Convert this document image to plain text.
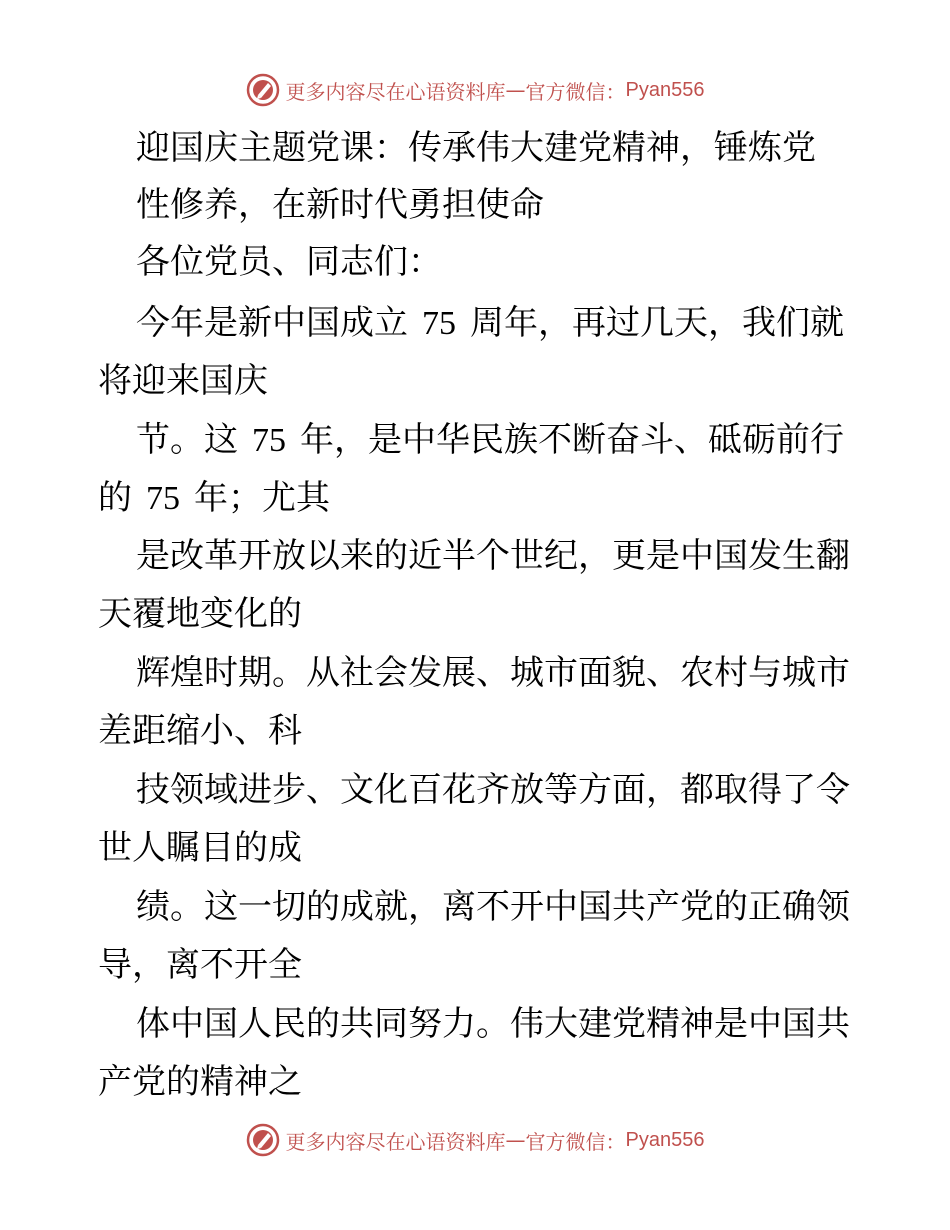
更多内容尽在心语资料库 — 官方微信： Pyan556
迎国庆主题党课：传承伟大建党精神，锤炼党
性修养，在新时代勇担使命
各位党员、同志们：
今年是新中国成立 75 周年，再过几天，我们就
将迎来国庆
节。这 75 年，是中华民族不断奋斗、砥砺前行
的 75 年；尤其
是改革开放以来的近半个世纪，更是中国发生翻
天覆地变化的
辉煌时期。从社会发展、城市面貌、农村与城市
差距缩小、科
技领域进步、文化百花齐放等方面，都取得了令
世人瞩目的成
绩。这一切的成就，离不开中国共产党的正确领
导，离不开全
体中国人民的共同努力。伟大建党精神是中国共
产党的精神之
更多内容尽在心语资料库 — 官方微信： Pyan556
